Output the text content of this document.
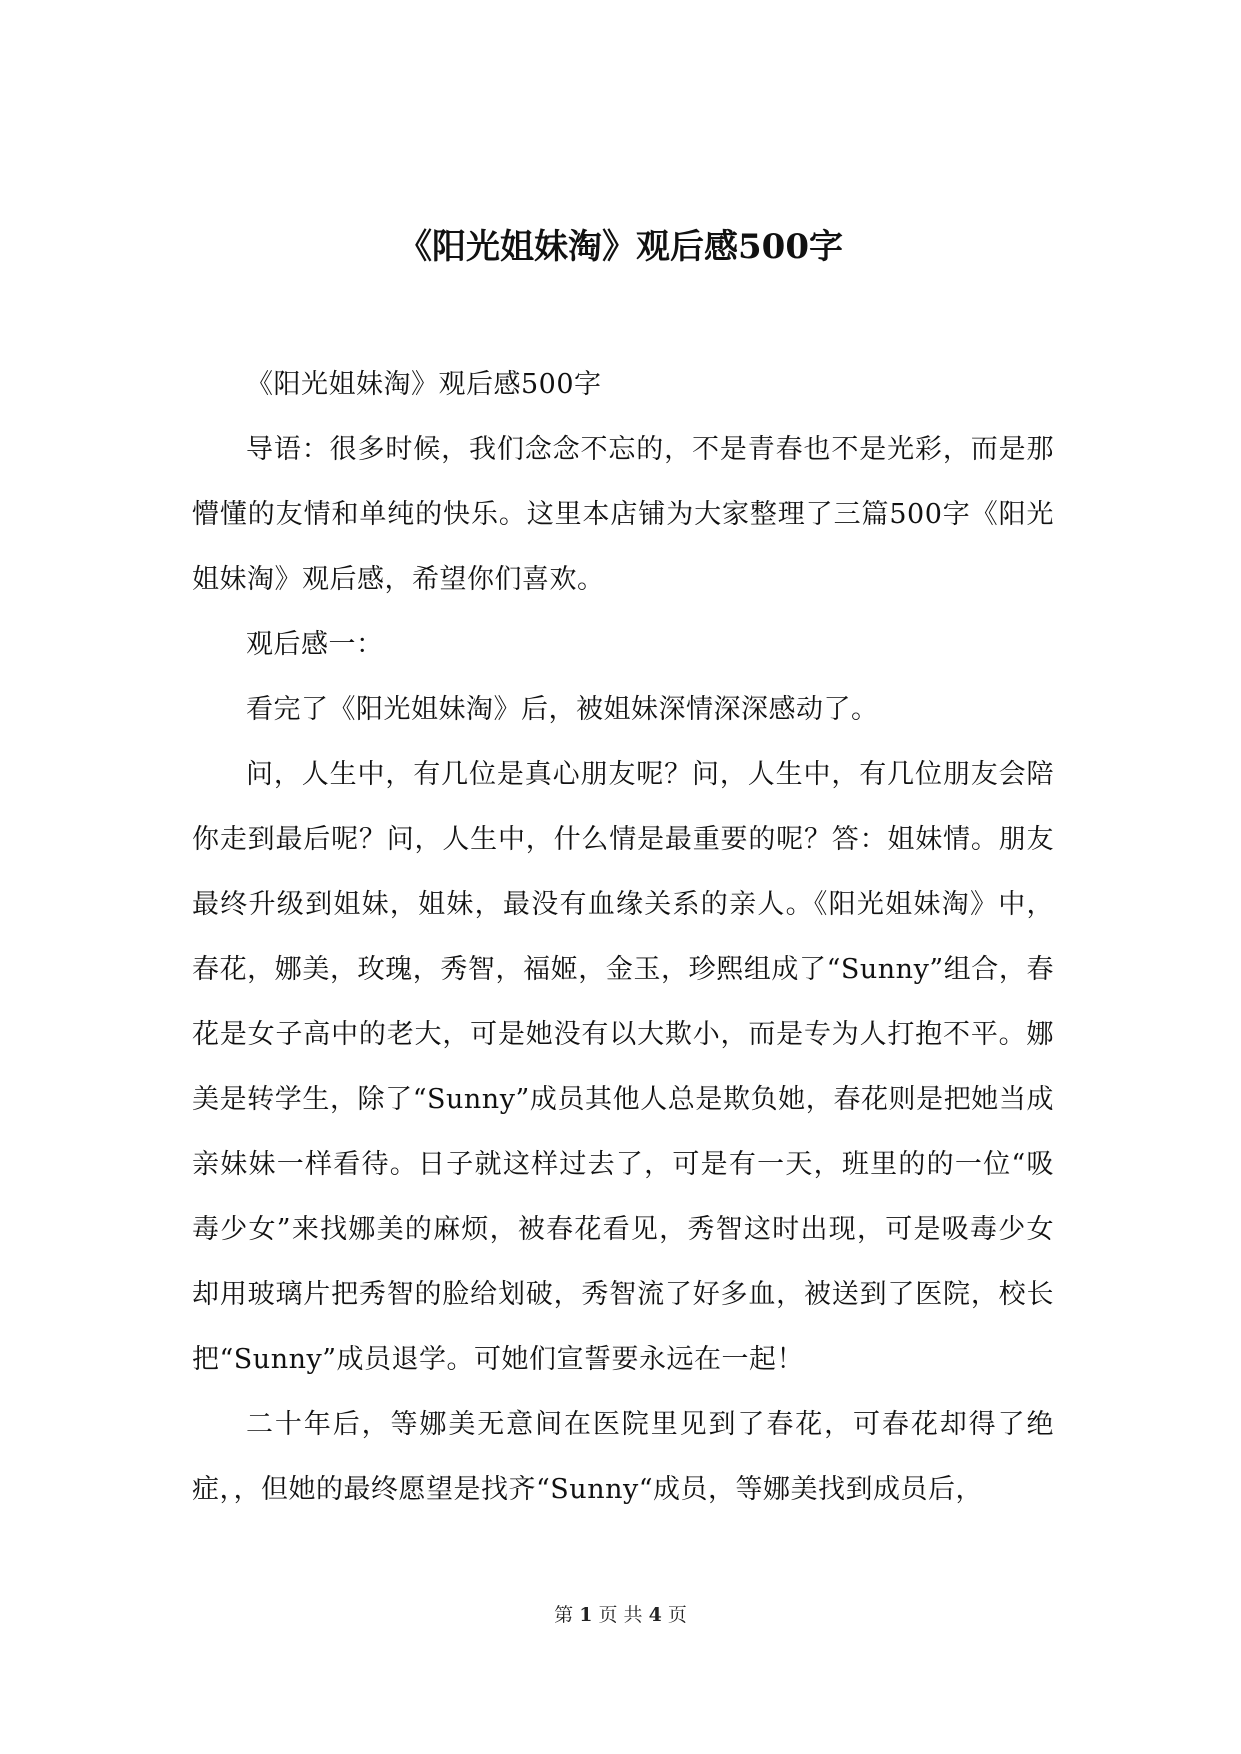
《阳光姐妹淘》观后感500字

《阳光姐妹淘》观后感500字

导语：很多时候，我们念念不忘的，不是青春也不是光彩，而是那懵懂的友情和单纯的快乐。这里本店铺为大家整理了三篇500字《阳光姐妹淘》观后感，希望你们喜欢。

观后感一：

看完了《阳光姐妹淘》后，被姐妹深情深深感动了。

问，人生中，有几位是真心朋友呢？问，人生中，有几位朋友会陪你走到最后呢？问，人生中，什么情是最重要的呢？答：姐妹情。朋友最终升级到姐妹，姐妹，最没有血缘关系的亲人。《阳光姐妹淘》中，春花，娜美，玫瑰，秀智，福姬，金玉，珍熙组成了“Sunny”组合，春花是女子高中的老大，可是她没有以大欺小，而是专为人打抱不平。娜美是转学生，除了“Sunny”成员其他人总是欺负她，春花则是把她当成亲妹妹一样看待。日子就这样过去了，可是有一天，班里的的一位“吸毒少女”来找娜美的麻烦，被春花看见，秀智这时出现，可是吸毒少女却用玻璃片把秀智的脸给划破，秀智流了好多血，被送到了医院，校长把“Sunny”成员退学。可她们宣誓要永远在一起！

二十年后，等娜美无意间在医院里见到了春花，可春花却得了绝症，，但她的最终愿望是找齐“Sunny“成员，等娜美找到成员后，

第 1 页 共 4 页
